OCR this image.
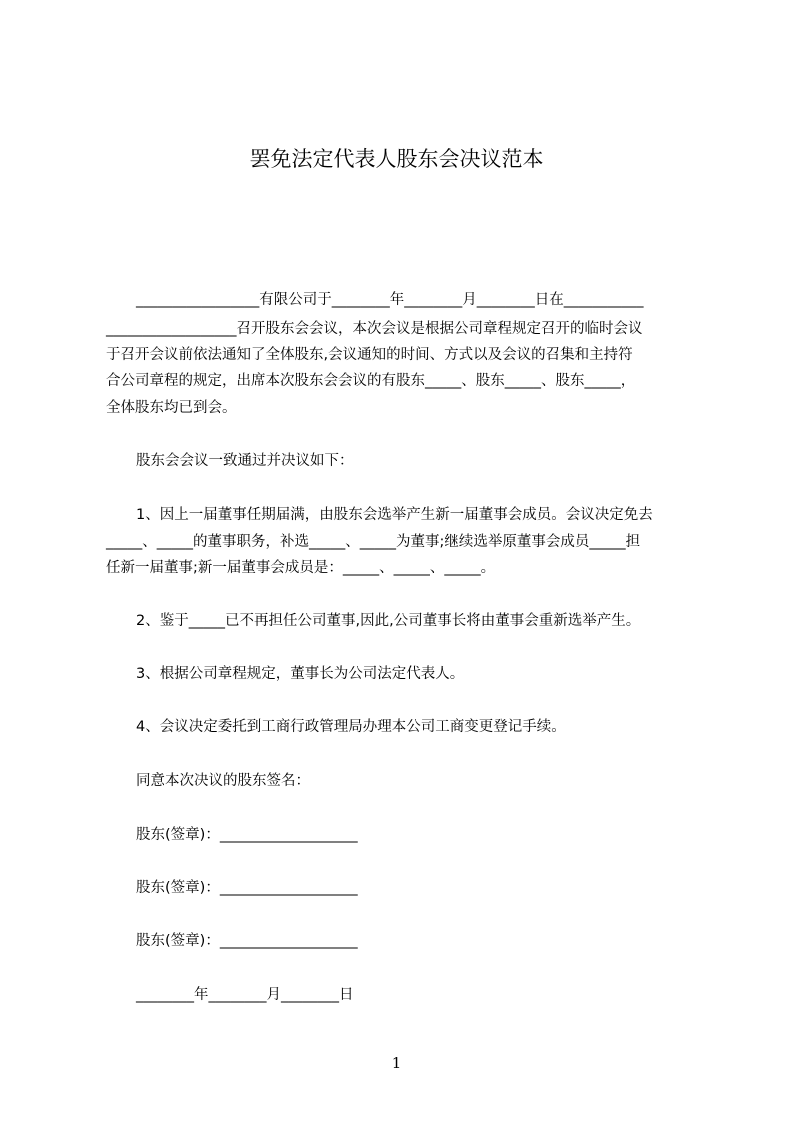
罢免法定代表人股东会决议范本
_________________有限公司于________年________月________日在___________
__________________召开股东会会议，本次会议是根据公司章程规定召开的临时会议
于召开会议前依法通知了全体股东,会议通知的时间、方式以及会议的召集和主持符
合公司章程的规定，出席本次股东会会议的有股东_____、股东_____、股东_____，
全体股东均已到会。
股东会会议一致通过并决议如下：
1、因上一届董事任期届满，由股东会选举产生新一届董事会成员。会议决定免去
_____、_____的董事职务，补选_____、_____为董事;继续选举原董事会成员_____担
任新一届董事;新一届董事会成员是：_____、_____、_____。
2、鉴于_____已不再担任公司董事,因此,公司董事长将由董事会重新选举产生。
3、根据公司章程规定，董事长为公司法定代表人。
4、会议决定委托到工商行政管理局办理本公司工商变更登记手续。
同意本次决议的股东签名：
股东(签章)：___________________
股东(签章)：___________________
股东(签章)：___________________
________年________月________日
1
